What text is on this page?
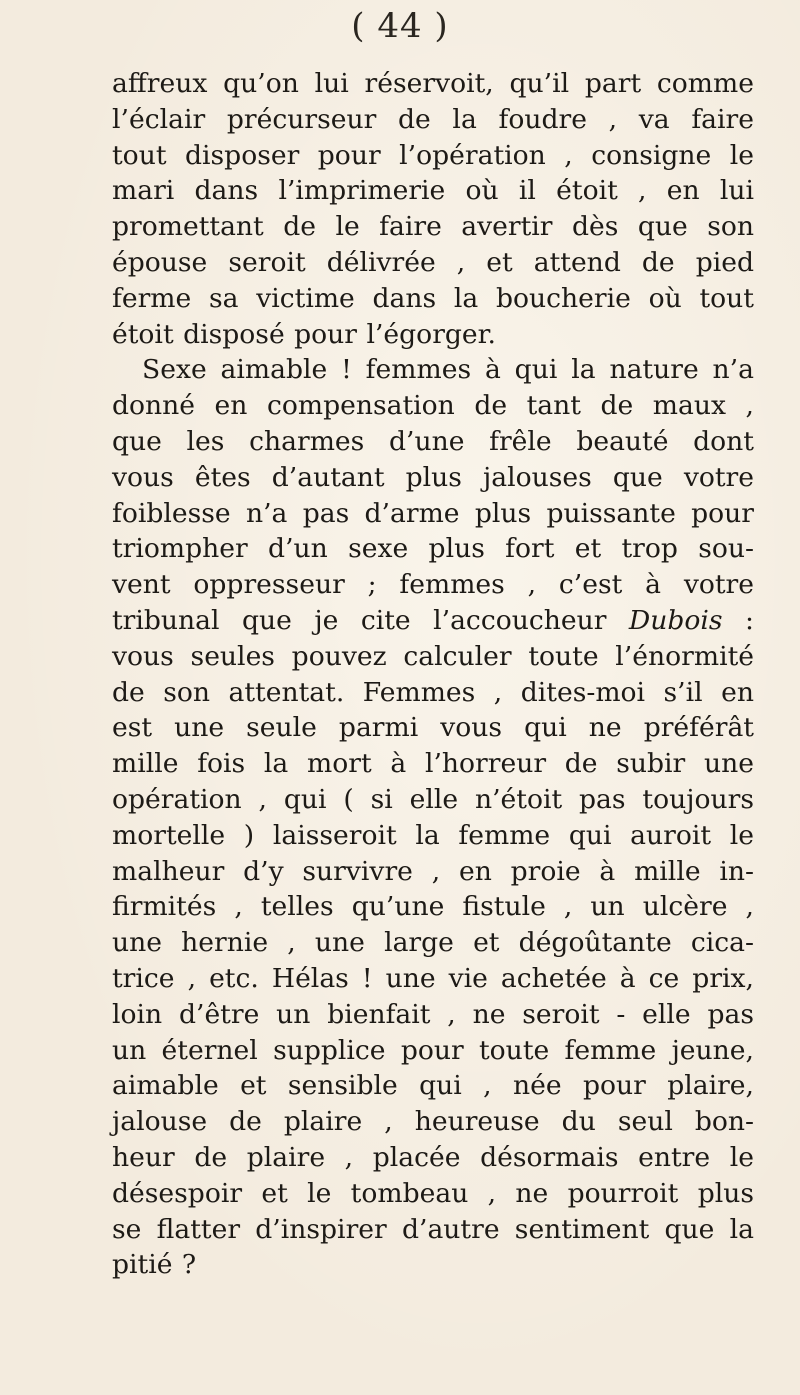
( 44 )
affreux qu’on lui réservoit, qu’il part comme
l’éclair précurseur de la foudre , va faire
tout disposer pour l’opération , consigne le
mari dans l’imprimerie où il étoit , en lui
promettant de le faire avertir dès que son
épouse seroit délivrée , et attend de pied
ferme sa victime dans la boucherie où tout
étoit disposé pour l’égorger.
Sexe aimable ! femmes à qui la nature n’a
donné en compensation de tant de maux ,
que les charmes d’une frêle beauté dont
vous êtes d’autant plus jalouses que votre
foiblesse n’a pas d’arme plus puissante pour
triompher d’un sexe plus fort et trop sou-
vent oppresseur ; femmes , c’est à votre
tribunal que je cite l’accoucheur Dubois :
vous seules pouvez calculer toute l’énormité
de son attentat. Femmes , dites-moi s’il en
est une seule parmi vous qui ne préférât
mille fois la mort à l’horreur de subir une
opération , qui ( si elle n’étoit pas toujours
mortelle ) laisseroit la femme qui auroit le
malheur d’y survivre , en proie à mille in-
firmités , telles qu’une fistule , un ulcère ,
une hernie , une large et dégoûtante cica-
trice , etc. Hélas ! une vie achetée à ce prix,
loin d’être un bienfait , ne seroit - elle pas
un éternel supplice pour toute femme jeune,
aimable et sensible qui , née pour plaire,
jalouse de plaire , heureuse du seul bon-
heur de plaire , placée désormais entre le
désespoir et le tombeau , ne pourroit plus
se flatter d’inspirer d’autre sentiment que la
pitié ?
